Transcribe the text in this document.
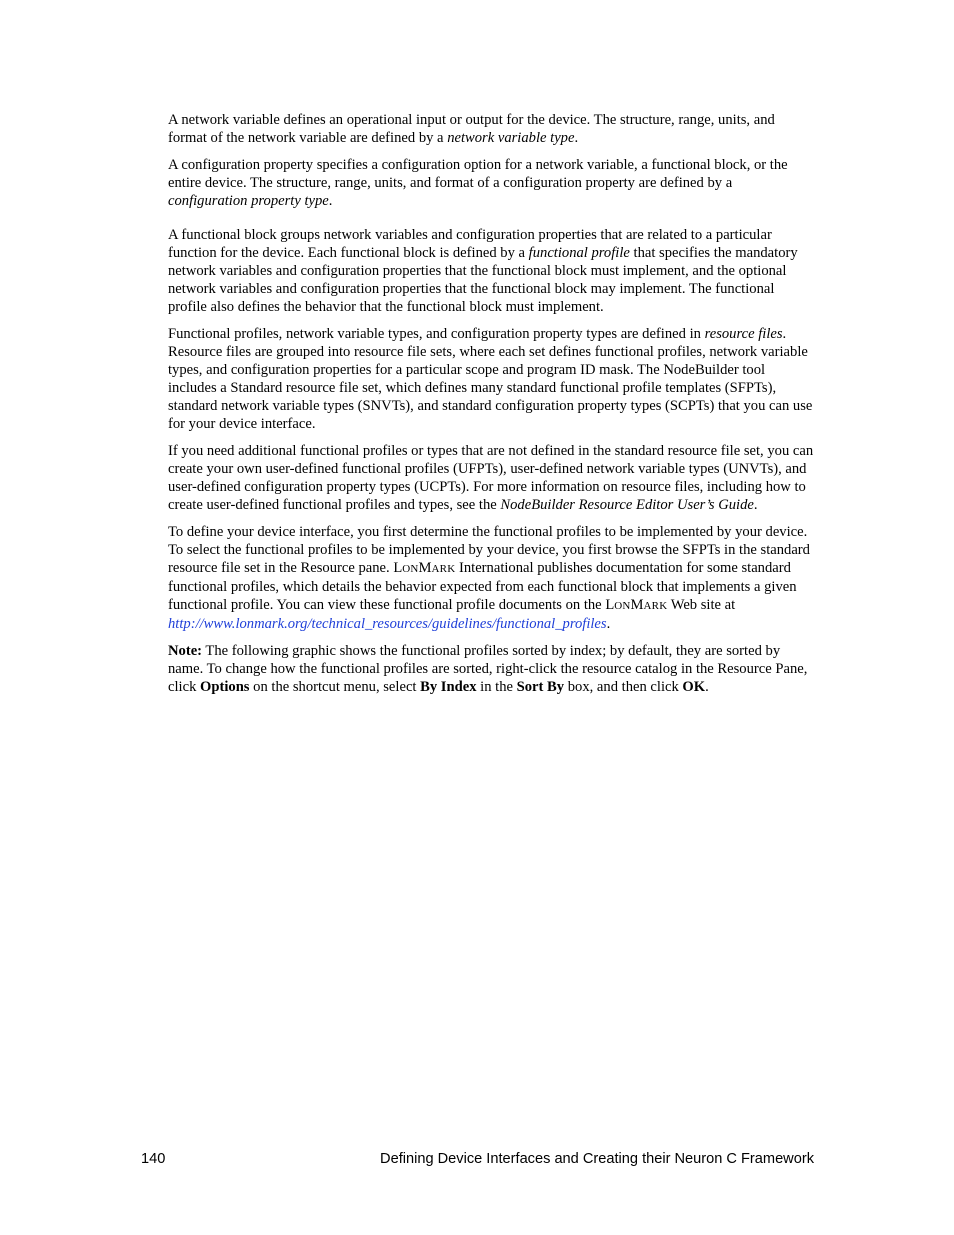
A network variable defines an operational input or output for the device. The structure, range, units, and format of the network variable are defined by a network variable type.

A configuration property specifies a configuration option for a network variable, a functional block, or the entire device. The structure, range, units, and format of a configuration property are defined by a configuration property type.

A functional block groups network variables and configuration properties that are related to a particular function for the device. Each functional block is defined by a functional profile that specifies the mandatory network variables and configuration properties that the functional block must implement, and the optional network variables and configuration properties that the functional block may implement. The functional profile also defines the behavior that the functional block must implement.

Functional profiles, network variable types, and configuration property types are defined in resource files. Resource files are grouped into resource file sets, where each set defines functional profiles, network variable types, and configuration properties for a particular scope and program ID mask. The NodeBuilder tool includes a Standard resource file set, which defines many standard functional profile templates (SFPTs), standard network variable types (SNVTs), and standard configuration property types (SCPTs) that you can use for your device interface.

If you need additional functional profiles or types that are not defined in the standard resource file set, you can create your own user-defined functional profiles (UFPTs), user-defined network variable types (UNVTs), and user-defined configuration property types (UCPTs). For more information on resource files, including how to create user-defined functional profiles and types, see the NodeBuilder Resource Editor User’s Guide.

To define your device interface, you first determine the functional profiles to be implemented by your device. To select the functional profiles to be implemented by your device, you first browse the SFPTs in the standard resource file set in the Resource pane. LONMARK International publishes documentation for some standard functional profiles, which details the behavior expected from each functional block that implements a given functional profile. You can view these functional profile documents on the LONMARK Web site at
http://www.lonmark.org/technical_resources/guidelines/functional_profiles.

Note: The following graphic shows the functional profiles sorted by index; by default, they are sorted by name. To change how the functional profiles are sorted, right-click the resource catalog in the Resource Pane, click Options on the shortcut menu, select By Index in the Sort By box, and then click OK.

140	Defining Device Interfaces and Creating their Neuron C Framework
